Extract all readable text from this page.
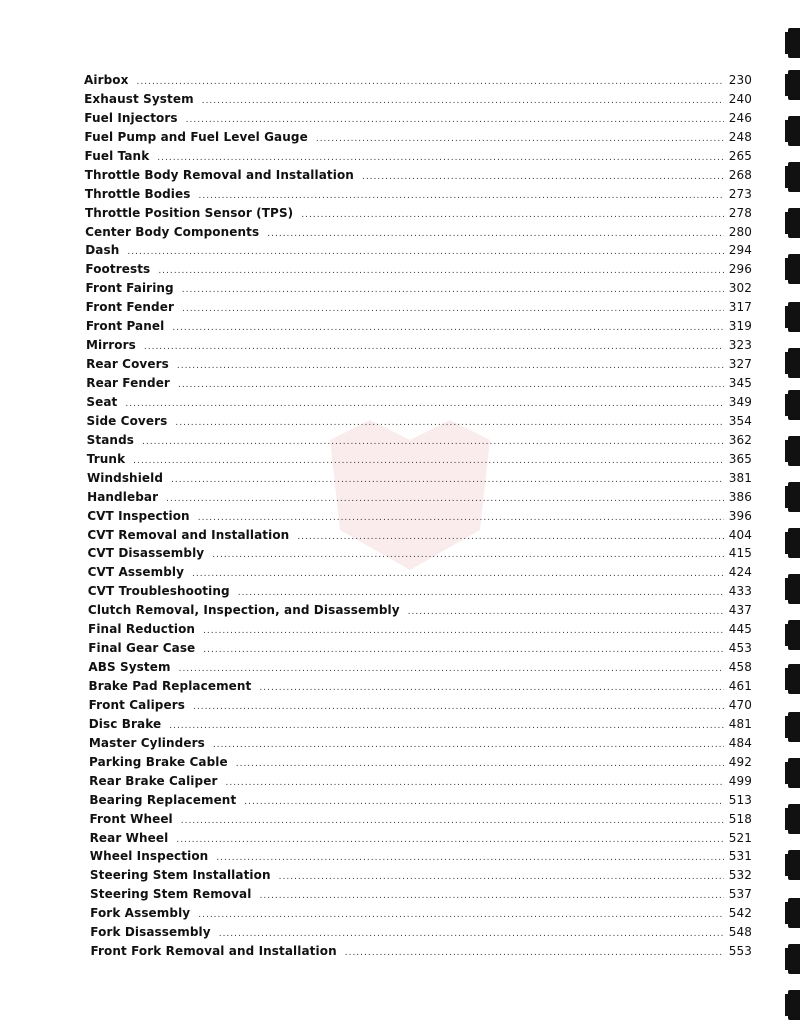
Airbox .....	230
Exhaust System .....	240
Fuel Injectors .....	246
Fuel Pump and Fuel Level Gauge .....	248
Fuel Tank .....	265
Throttle Body Removal and Installation .....	268
Throttle Bodies .....	273
Throttle Position Sensor (TPS) .....	278
Center Body Components .....	280
Dash .....	294
Footrests .....	296
Front Fairing .....	302
Front Fender .....	317
Front Panel .....	319
Mirrors .....	323
Rear Covers .....	327
Rear Fender .....	345
Seat .....	349
Side Covers .....	354
Stands .....	362
Trunk .....	365
Windshield .....	381
Handlebar .....	386
CVT Inspection .....	396
CVT Removal and Installation .....	404
CVT Disassembly .....	415
CVT Assembly .....	424
CVT Troubleshooting .....	433
Clutch Removal, Inspection, and Disassembly .....	437
Final Reduction .....	445
Final Gear Case .....	453
ABS System .....	458
Brake Pad Replacement .....	461
Front Calipers .....	470
Disc Brake .....	481
Master Cylinders .....	484
Parking Brake Cable .....	492
Rear Brake Caliper .....	499
Bearing Replacement .....	513
Front Wheel .....	518
Rear Wheel .....	521
Wheel Inspection .....	531
Steering Stem Installation .....	532
Steering Stem Removal .....	537
Fork Assembly .....	542
Fork Disassembly .....	548
Front Fork Removal and Installation .....	553
